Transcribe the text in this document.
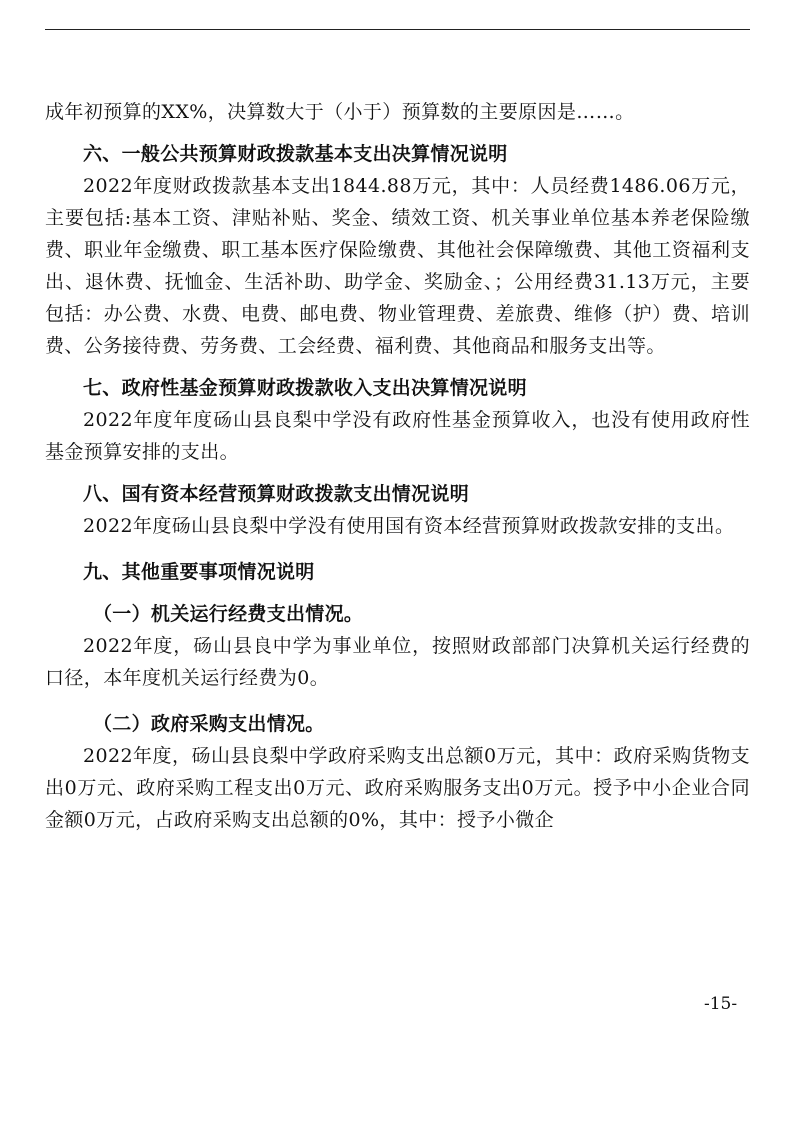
成年初预算的XX%，决算数大于（小于）预算数的主要原因是……。

六、一般公共预算财政拨款基本支出决算情况说明

2022年度财政拨款基本支出1844.88万元，其中：人员经费1486.06万元，主要包括:基本工资、津贴补贴、奖金、绩效工资、机关事业单位基本养老保险缴费、职业年金缴费、职工基本医疗保险缴费、其他社会保障缴费、其他工资福利支出、退休费、抚恤金、生活补助、助学金、奖励金、；公用经费31.13万元，主要包括：办公费、水费、电费、邮电费、物业管理费、差旅费、维修（护）费、培训费、公务接待费、劳务费、工会经费、福利费、其他商品和服务支出等。

七、政府性基金预算财政拨款收入支出决算情况说明

2022年度年度砀山县良梨中学没有政府性基金预算收入，也没有使用政府性基金预算安排的支出。

八、国有资本经营预算财政拨款支出情况说明

2022年度砀山县良梨中学没有使用国有资本经营预算财政拨款安排的支出。

九、其他重要事项情况说明
（一）机关运行经费支出情况。

2022年度，砀山县良中学为事业单位，按照财政部部门决算机关运行经费的口径，本年度机关运行经费为0。

（二）政府采购支出情况。

2022年度，砀山县良梨中学政府采购支出总额0万元，其中：政府采购货物支出0万元、政府采购工程支出0万元、政府采购服务支出0万元。授予中小企业合同金额0万元，占政府采购支出总额的0%，其中：授予小微企

-15-
